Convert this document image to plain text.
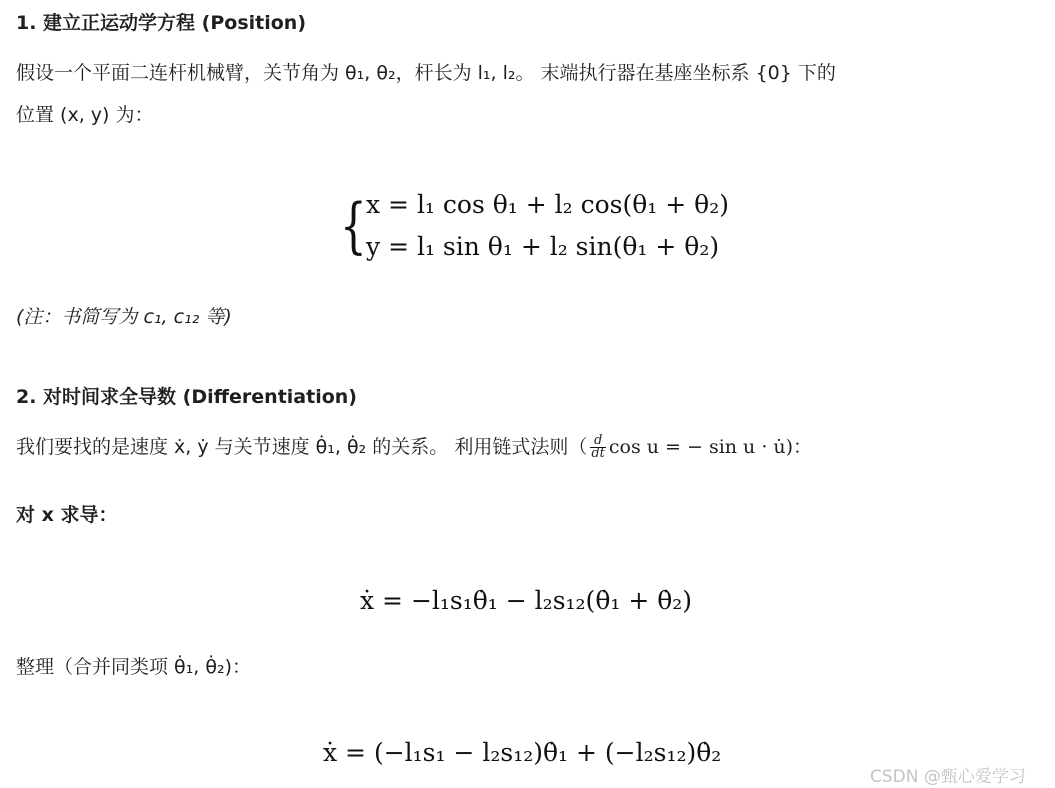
1. 建立正运动学方程 (Position)
假设一个平面二连杆机械臂，关节角为 θ₁, θ₂，杆长为 l₁, l₂。 末端执行器在基座坐标系 {0} 下的
位置 (x, y) 为：
{ x = l₁ cos θ₁ + l₂ cos(θ₁ + θ₂)
y = l₁ sin θ₁ + l₂ sin(θ₁ + θ₂)
(注：书简写为 c₁, c₁₂ 等)
2. 对时间求全导数 (Differentiation)
我们要找的是速度 ẋ, ẏ 与关节速度 θ̇₁, θ̇₂ 的关系。 利用链式法则（ $\frac{d}{dt}$ cos u = − sin u · u̇)：
对 x 求导：
ẋ = −l₁s₁θ̇₁ − l₂s₁₂(θ̇₁ + θ̇₂)
整理（合并同类项 θ̇₁, θ̇₂)：
ẋ = (−l₁s₁ − l₂s₁₂)θ̇₁ + (−l₂s₁₂)θ̇₂
CSDN @甄心爱学习
